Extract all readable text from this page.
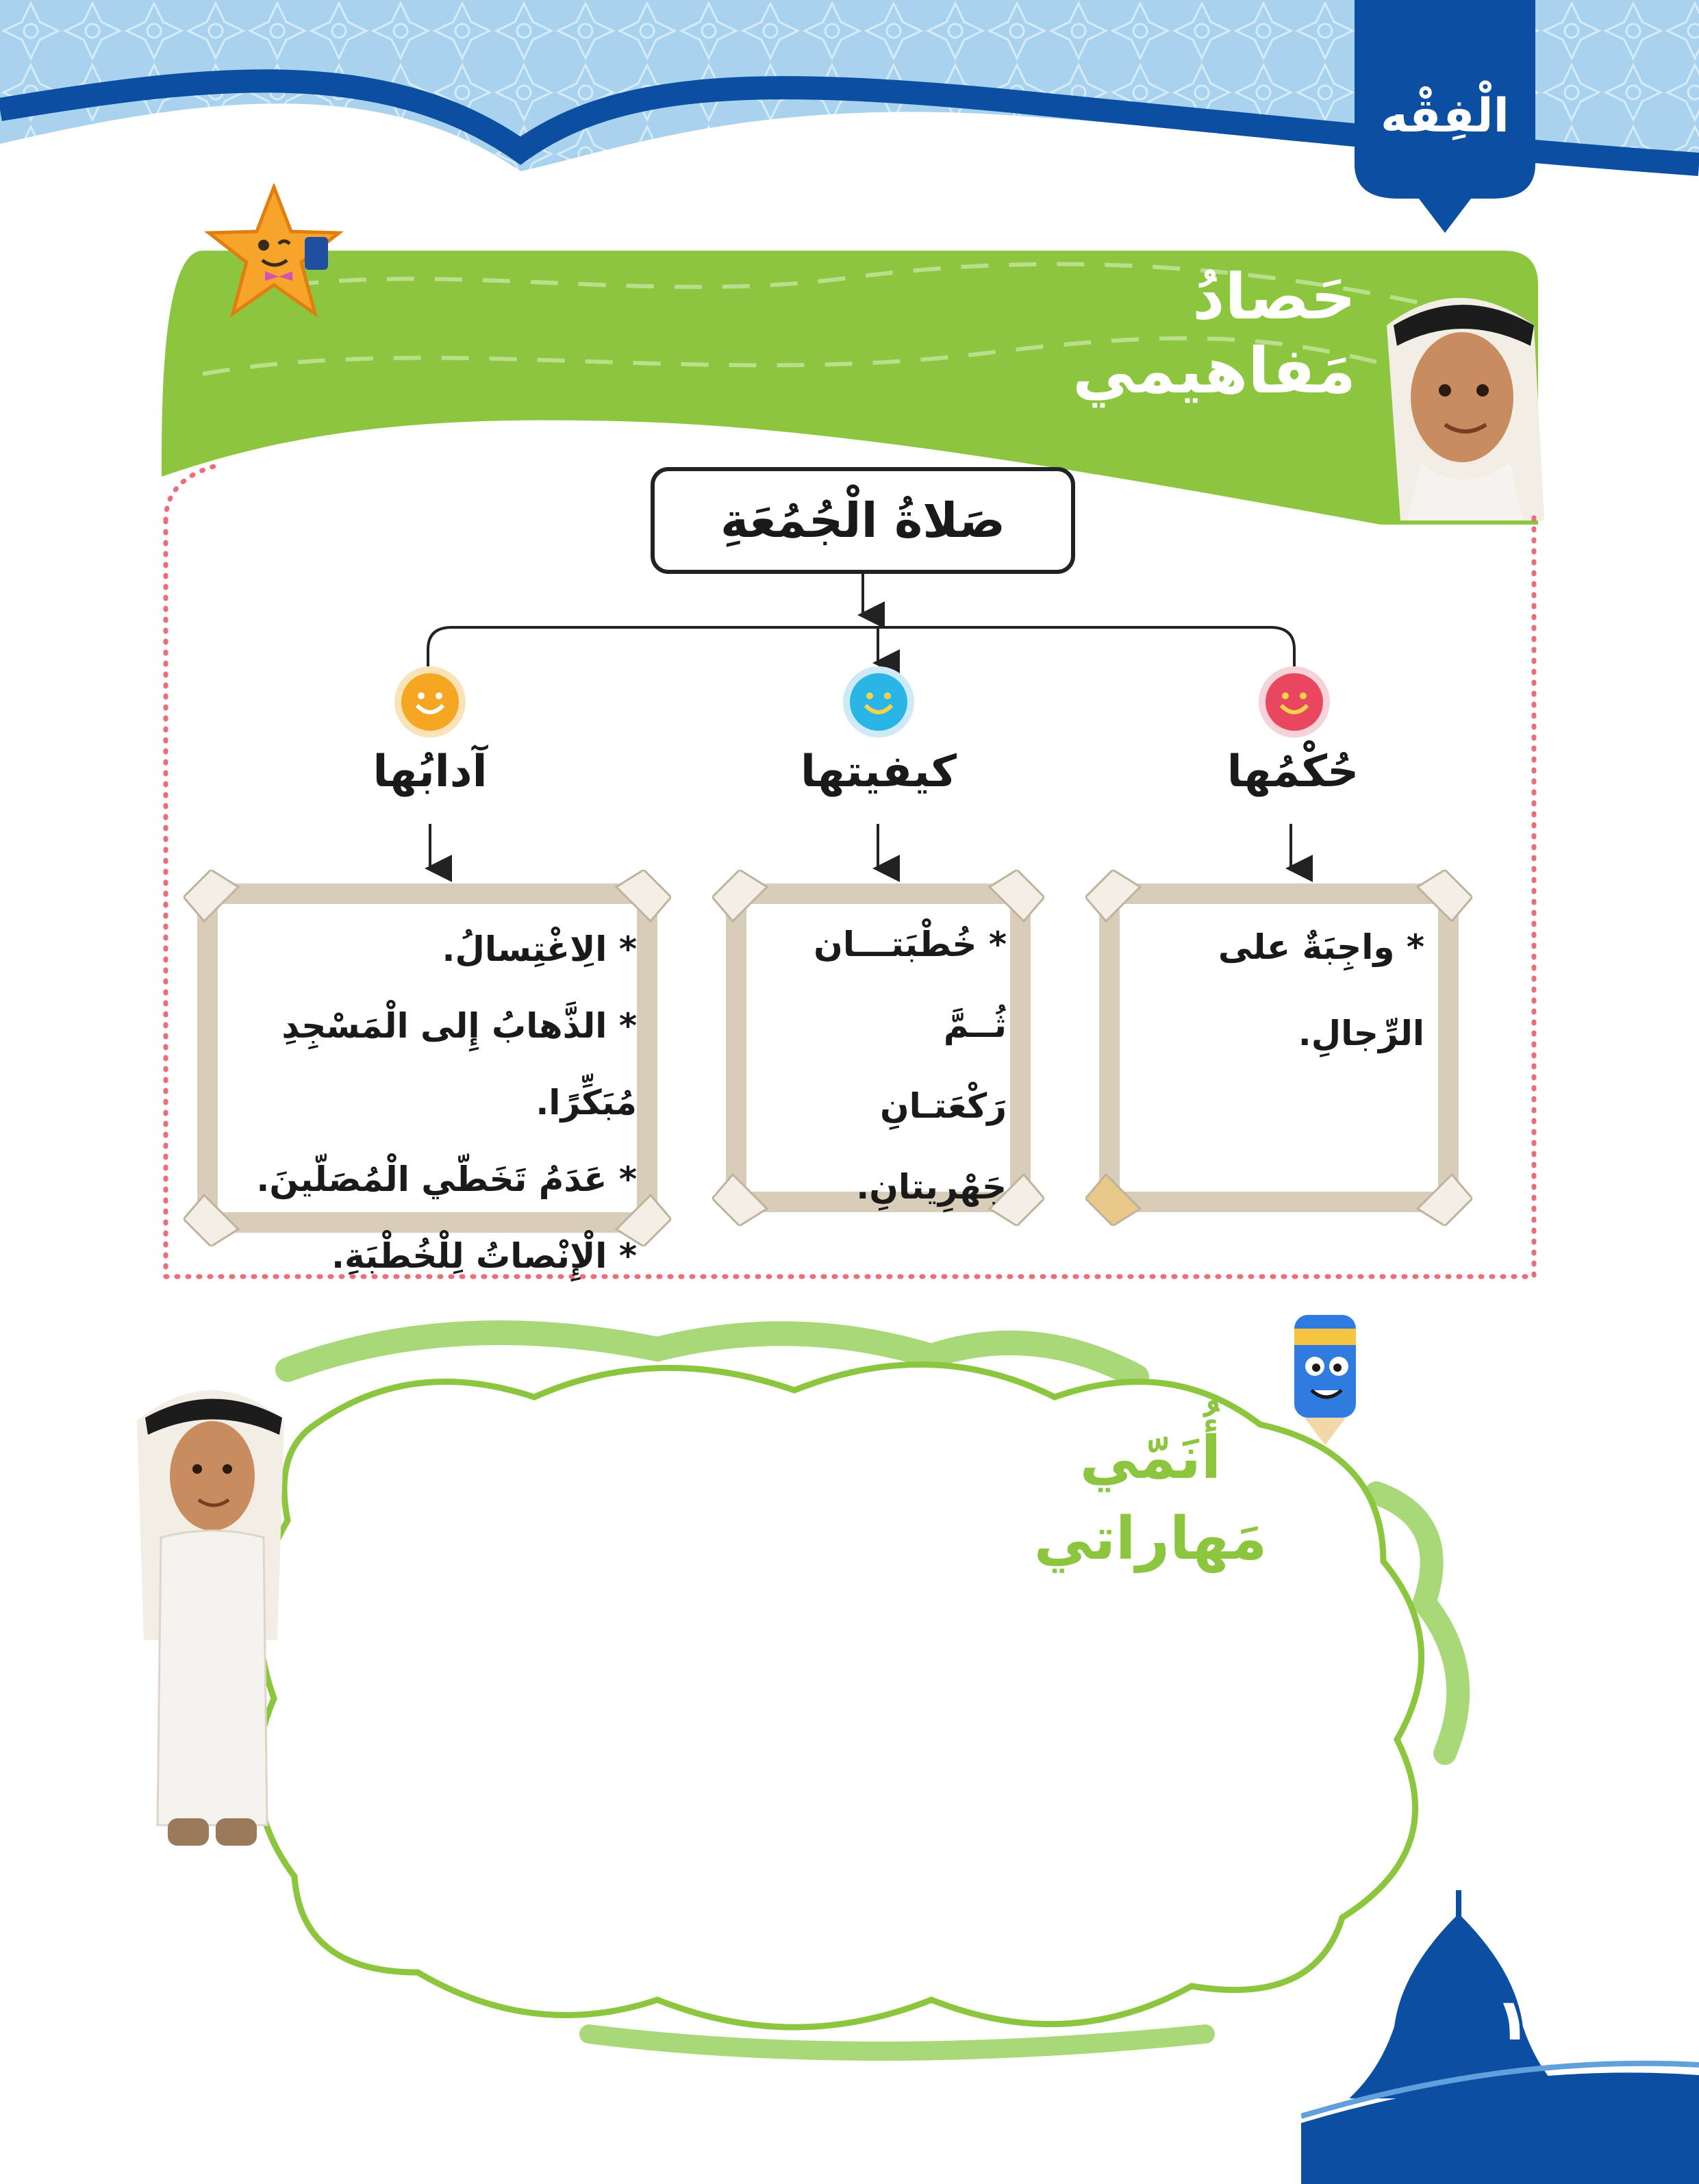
الْفِقْه
حَصادُ
مَفاهيمي
صَلاةُ الْجُمُعَةِ
حُكْمُها
كيفيتها
آدابُها
* واجِبَةٌ على الرِّجالِ.
* خُطْبَتـــان ثُــمَّ
رَكْعَتـانِ جَهْرِيتانِ.
* الِاغْتِسالُ.
* الذَّهابُ إِلى الْمَسْجِدِ مُبَكِّرًا.
* عَدَمُ تَخَطّي الْمُصَلّينَ.
* الْإِنْصاتُ لِلْخُطْبَةِ.
أُنَمّي
مَهاراتي
١٥٤
